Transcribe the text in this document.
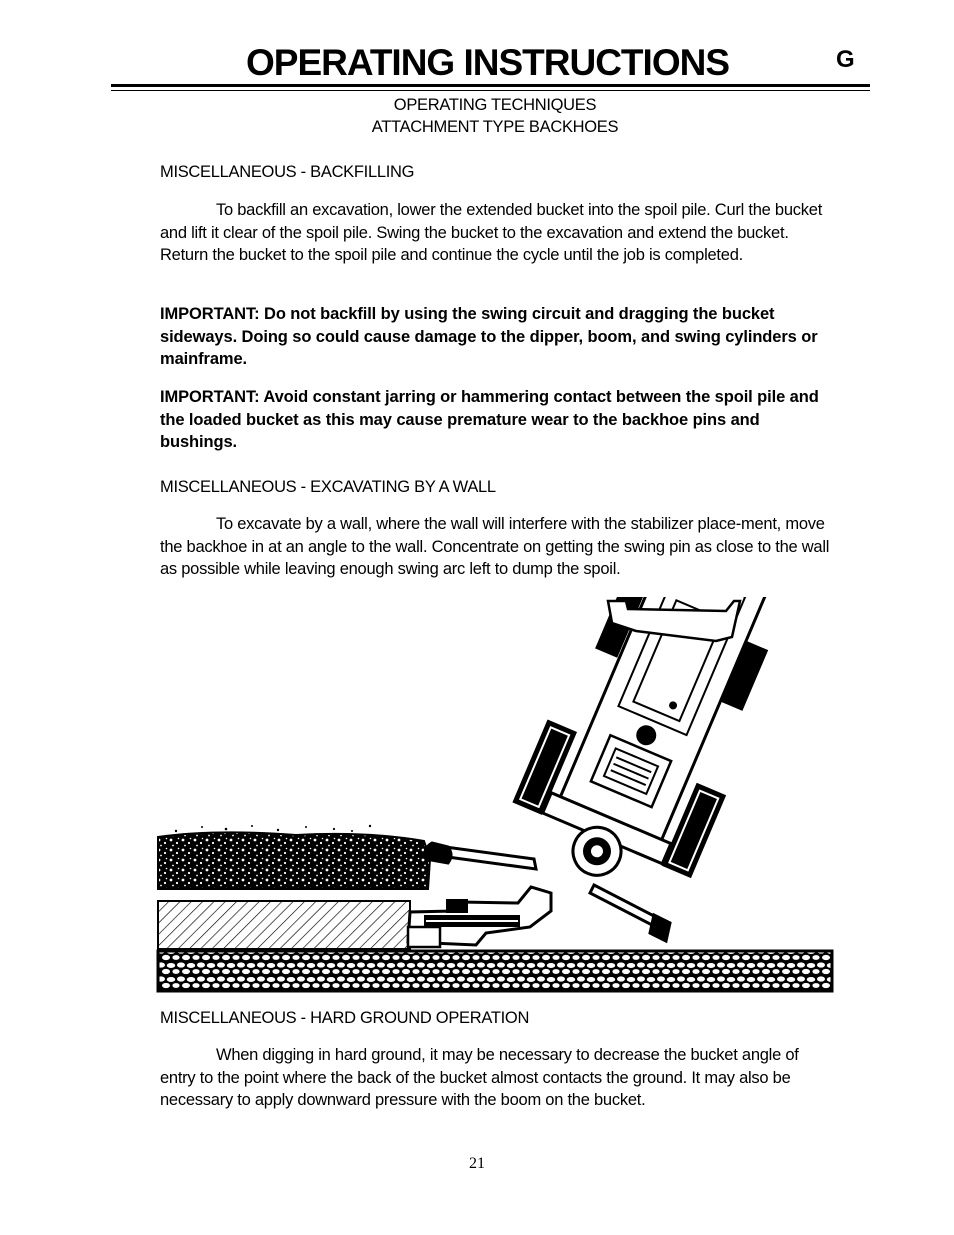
OPERATING INSTRUCTIONS	G
OPERATING TECHNIQUES
ATTACHMENT TYPE BACKHOES
MISCELLANEOUS - BACKFILLING

To backfill an excavation, lower the extended bucket into the spoil pile. Curl the bucket and lift it clear of the spoil pile. Swing the bucket to the excavation and extend the bucket. Return the bucket to the spoil pile and continue the cycle until the job is completed.

IMPORTANT: Do not backfill by using the swing circuit and dragging the bucket sideways. Doing so could cause damage to the dipper, boom, and swing cylinders or mainframe.

IMPORTANT: Avoid constant jarring or hammering contact between the spoil pile and the loaded bucket as this may cause premature wear to the backhoe pins and bushings.

MISCELLANEOUS - EXCAVATING BY A WALL

To excavate by a wall, where the wall will interfere with the stabilizer place-ment, move the backhoe in at an angle to the wall. Concentrate on getting the swing pin as close to the wall as possible while leaving enough swing arc left to dump the spoil.

MISCELLANEOUS - HARD GROUND OPERATION

When digging in hard ground, it may be necessary to decrease the bucket angle of entry to the point where the back of the bucket almost contacts the ground. It may also be necessary to apply downward pressure with the boom on the bucket.

21
